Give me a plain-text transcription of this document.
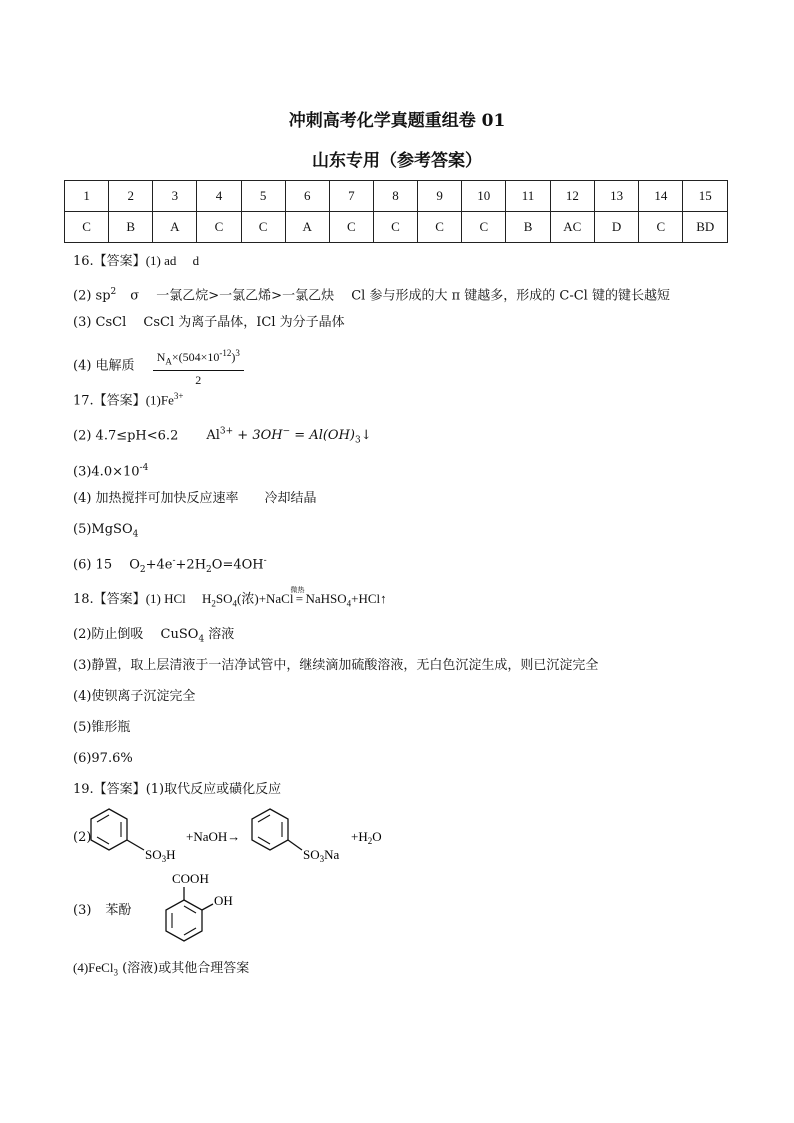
冲刺高考化学真题重组卷 01
山东专用（参考答案）
1	2	3	4	5	6	7	8	9	10	11	12	13	14	15
C	B	A	C	C	A	C	C	C	C	B	AC	D	C	BD
16.【答案】(1) ad　 d
(2) $sp^2$ σ　 一氯乙烷>一氯乙烯>一氯乙炔　 Cl 参与形成的大 π 键越多，形成的 C-Cl 键的键长越短
(3) CsCl　 CsCl 为离子晶体，ICl 为分子晶体
(4) 电解质 $\frac{N_A\times(504\times 10^{-12})^3}{2}$
17.【答案】$(1)Fe^{3+}$
(2) 4.7≤pH<6.2 $Al^{3+} + 3OH^-$ = $Al(OH)_3↓$
$(3)4.0\times 10^{-4}$
(4) 加热搅拌可加快反应速率　　冷却结晶
(5)MgSO$_4$
(6) 15　 $O_2+4e^-+2H_2O=4OH^-$
18.【答案】(1) HCl　 $H_2SO_4$(浓)+NaCl
微热
= NaHSO$_4$+HCl↑
(2)防止倒吸　 CuSO$_4$ 溶液
(3)静置，取上层清液于一洁净试管中，继续滴加硫酸溶液，无白色沉淀生成，则已沉淀完全
(4)使钡离子沉淀完全
(5)锥形瓶
(6)97.6%
19.【答案】(1)取代反应或磺化反应
(2)
$SO_3H$
+NaOH→
$SO_3Na$
$+H_2O$
(3) 苯酚
COOH
OH
(4)FeCl$_3$ (溶液)或其他合理答案
